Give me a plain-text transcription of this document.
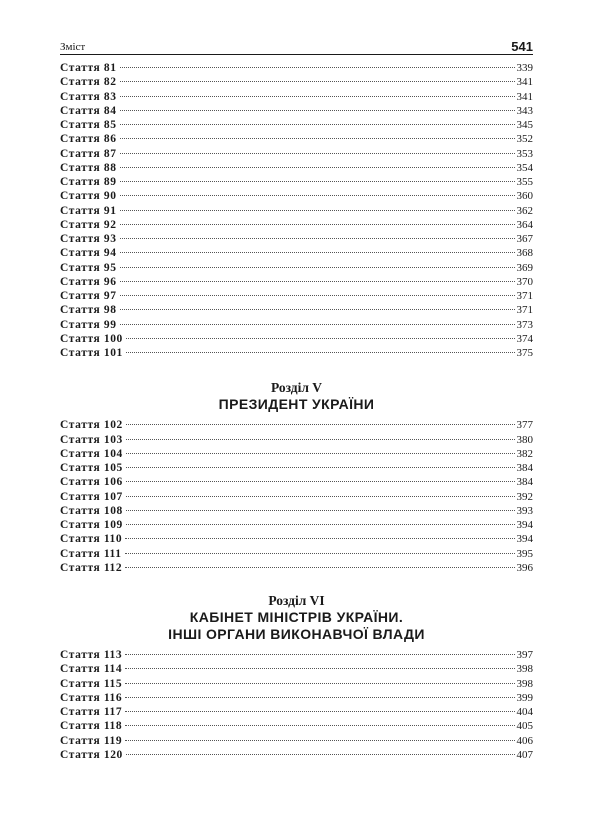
Зміст	541
Стаття 81	339
Стаття 82	341
Стаття 83	341
Стаття 84	343
Стаття 85	345
Стаття 86	352
Стаття 87	353
Стаття 88	354
Стаття 89	355
Стаття 90	360
Стаття 91	362
Стаття 92	364
Стаття 93	367
Стаття 94	368
Стаття 95	369
Стаття 96	370
Стаття 97	371
Стаття 98	371
Стаття 99	373
Стаття 100	374
Стаття 101	375
Розділ V
ПРЕЗИДЕНТ УКРАЇНИ
Стаття 102	377
Стаття 103	380
Стаття 104	382
Стаття 105	384
Стаття 106	384
Стаття 107	392
Стаття 108	393
Стаття 109	394
Стаття 110	394
Стаття 111	395
Стаття 112	396
Розділ VI
КАБІНЕТ МІНІСТРІВ УКРАЇНИ.
ІНШІ ОРГАНИ ВИКОНАВЧОЇ ВЛАДИ
Стаття 113	397
Стаття 114	398
Стаття 115	398
Стаття 116	399
Стаття 117	404
Стаття 118	405
Стаття 119	406
Стаття 120	407
